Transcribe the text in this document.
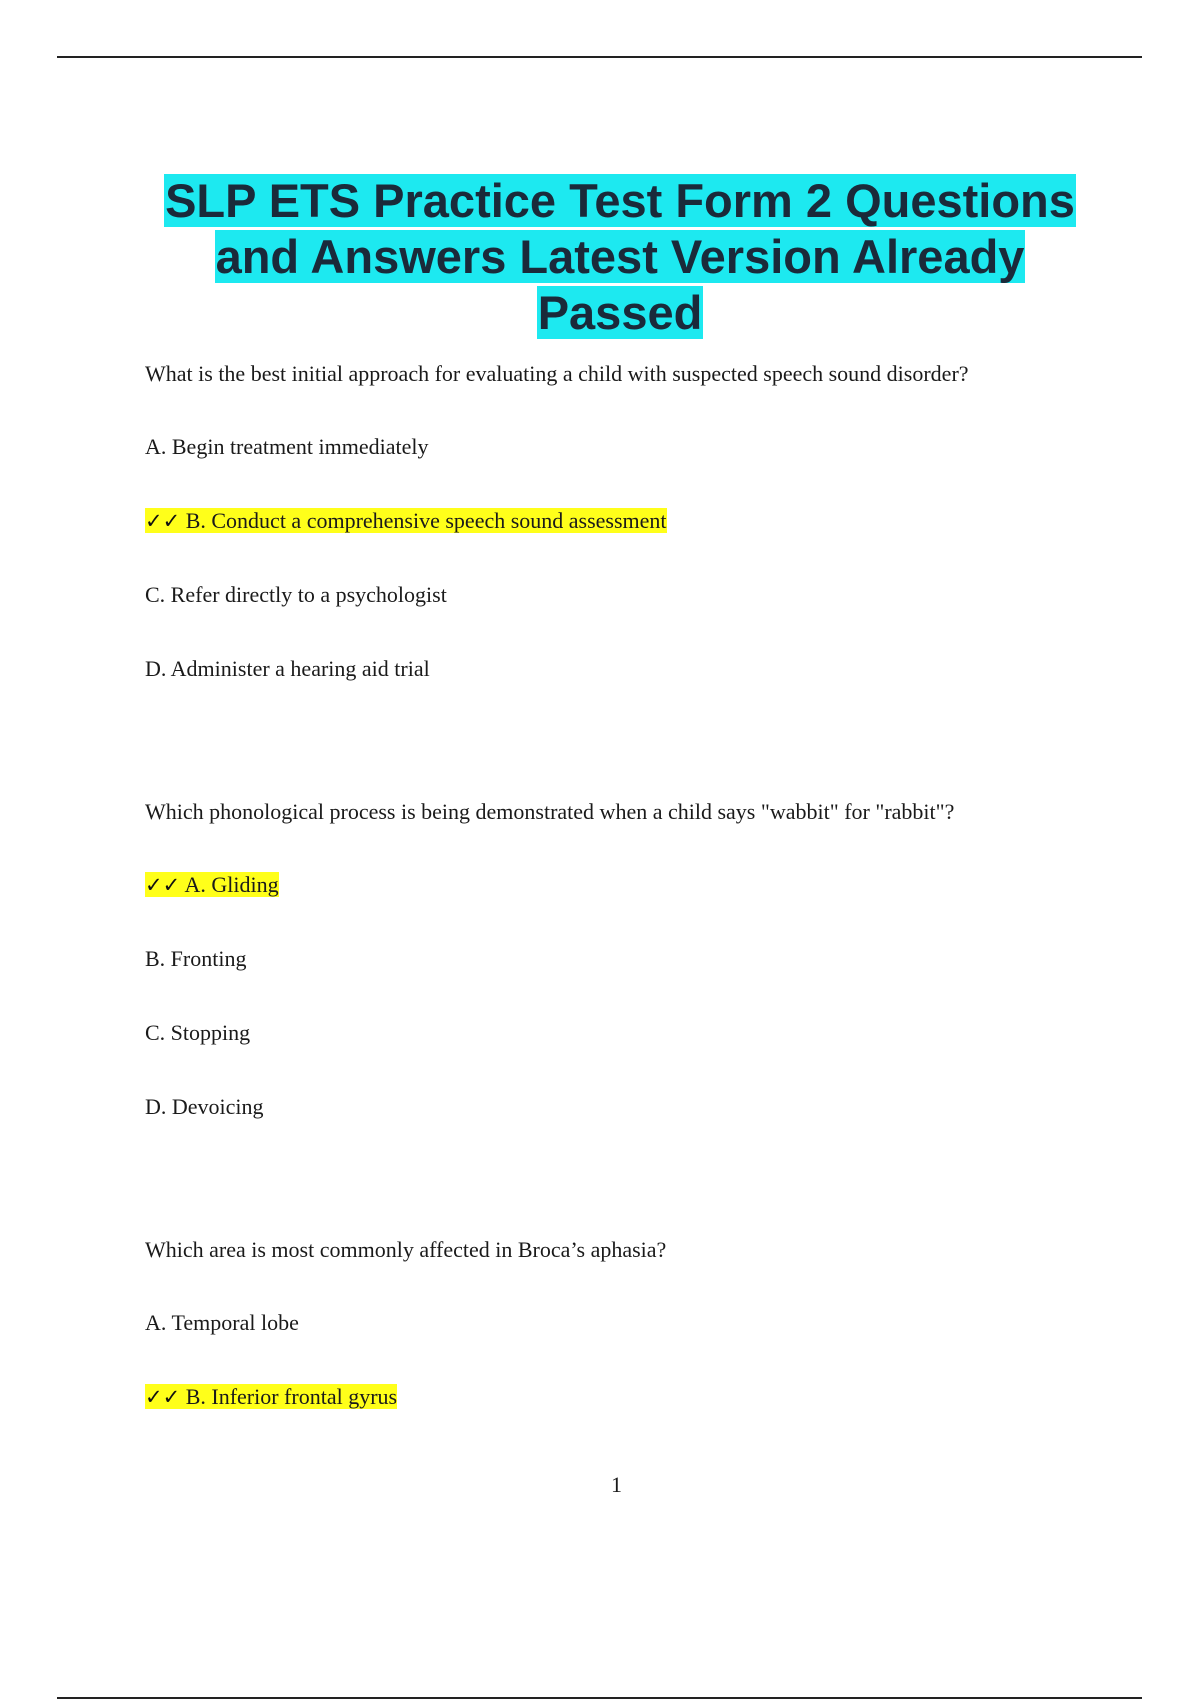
SLP ETS Practice Test Form 2 Questions
and Answers Latest Version Already
Passed

What is the best initial approach for evaluating a child with suspected speech sound disorder?

A. Begin treatment immediately
✓✓ B. Conduct a comprehensive speech sound assessment
C. Refer directly to a psychologist
D. Administer a hearing aid trial

Which phonological process is being demonstrated when a child says "wabbit" for "rabbit"?

✓✓ A. Gliding
B. Fronting
C. Stopping
D. Devoicing

Which area is most commonly affected in Broca’s aphasia?

A. Temporal lobe
✓✓ B. Inferior frontal gyrus
1
